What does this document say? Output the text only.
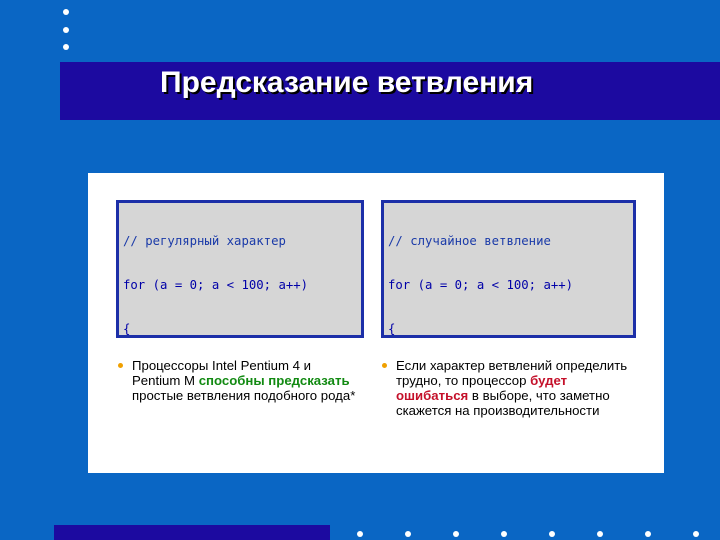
Предсказание ветвления

// регулярный характер

for (a = 0; a < 100; a++)

{

// случайное ветвление

for (a = 0; a < 100; a++)

{

Процессоры Intel Pentium 4 и Pentium M способны предсказать простые ветвления подобного рода*
Если характер ветвлений определить трудно, то процессор будет ошибаться в выборе, что заметно скажется на производительности
